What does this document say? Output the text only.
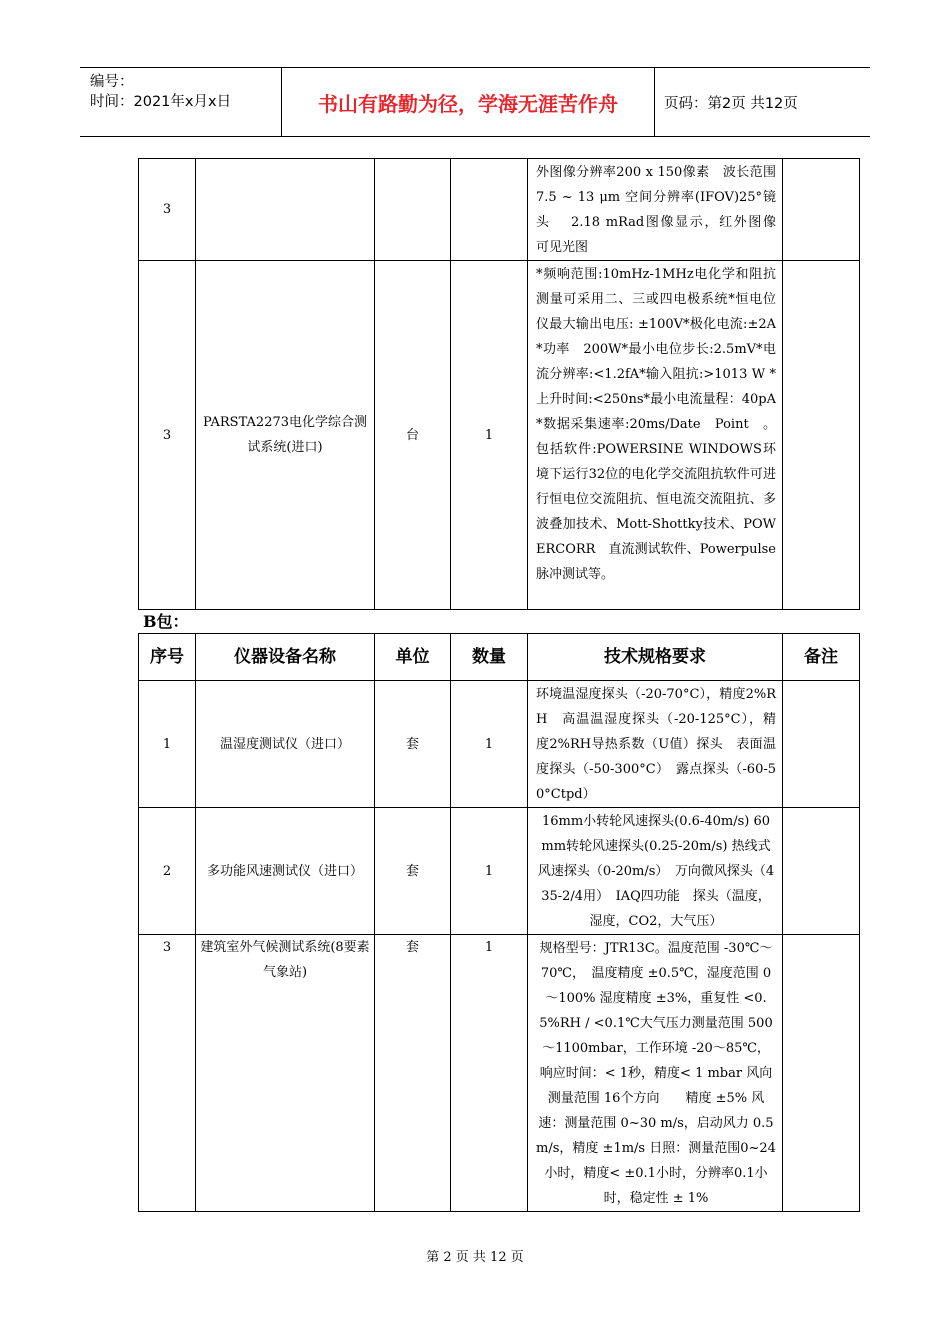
编号：
时间：2021年x月x日	书山有路勤为径，学海无涯苦作舟	页码：第2页 共12页
3				外图像分辨率200 x 150像素　波长范围7.5 ~ 13 μm 空间分辨率(IFOV)25°镜头　 2.18 mRad图像显示，红外图像　可见光图	
3	PARSTA2273电化学综合测试系统(进口)	台	1	*频响范围:10mHz-1MHz电化学和阻抗测量可采用二、三或四电极系统*恒电位仪最大输出电压: ±100V*极化电流:±2A*功率　200W*最小电位步长:2.5mV*电流分辨率:<1.2fA*输入阻抗:>1013 W *上升时间:<250ns*最小电流量程：40pA*数据采集速率:20ms/Date　Point　。包括软件:POWERSINE WINDOWS环境下运行32位的电化学交流阻抗软件可进行恒电位交流阻抗、恒电流交流阻抗、多波叠加技术、Mott-Shottky技术、POWERCORR　直流测试软件、Powerpulse脉冲测试等。	
B包：
序号	仪器设备名称	单位	数量	技术规格要求	备注
1	温湿度测试仪（进口）	套	1	环境温湿度探头（-20-70°C），精度2%RH　高温温湿度探头（-20-125°C），精度2%RH导热系数（U值）探头　表面温度探头（-50-300°C）　露点探头（-60-50°Ctpd）	
2	多功能风速测试仪（进口）	套	1	16mm小转轮风速探头(0.6-40m/s) 60 mm转轮风速探头(0.25-20m/s) 热线式风速探头（0-20m/s）　万向微风探头（435-2/4用）　IAQ四功能　探头（温度，湿度，CO2，大气压）	
3	建筑室外气候测试系统(8要素气象站)	套	1	规格型号：JTR13C。温度范围 -30℃～70℃，　温度精度 ±0.5℃，湿度范围 0～100% 湿度精度 ±3%，重复性 <0.5%RH / <0.1℃大气压力测量范围 500～1100mbar，工作环境 -20～85℃，响应时间：< 1秒，精度< 1 mbar 风向测量范围 16个方向　　精度 ±5% 风速：测量范围 0~30 m/s，启动风力 0.5 m/s，精度 ±1m/s 日照：测量范围0~24小时，精度< ±0.1小时，分辨率0.1小时，稳定性 ± 1%	
第 2 页 共 12 页
